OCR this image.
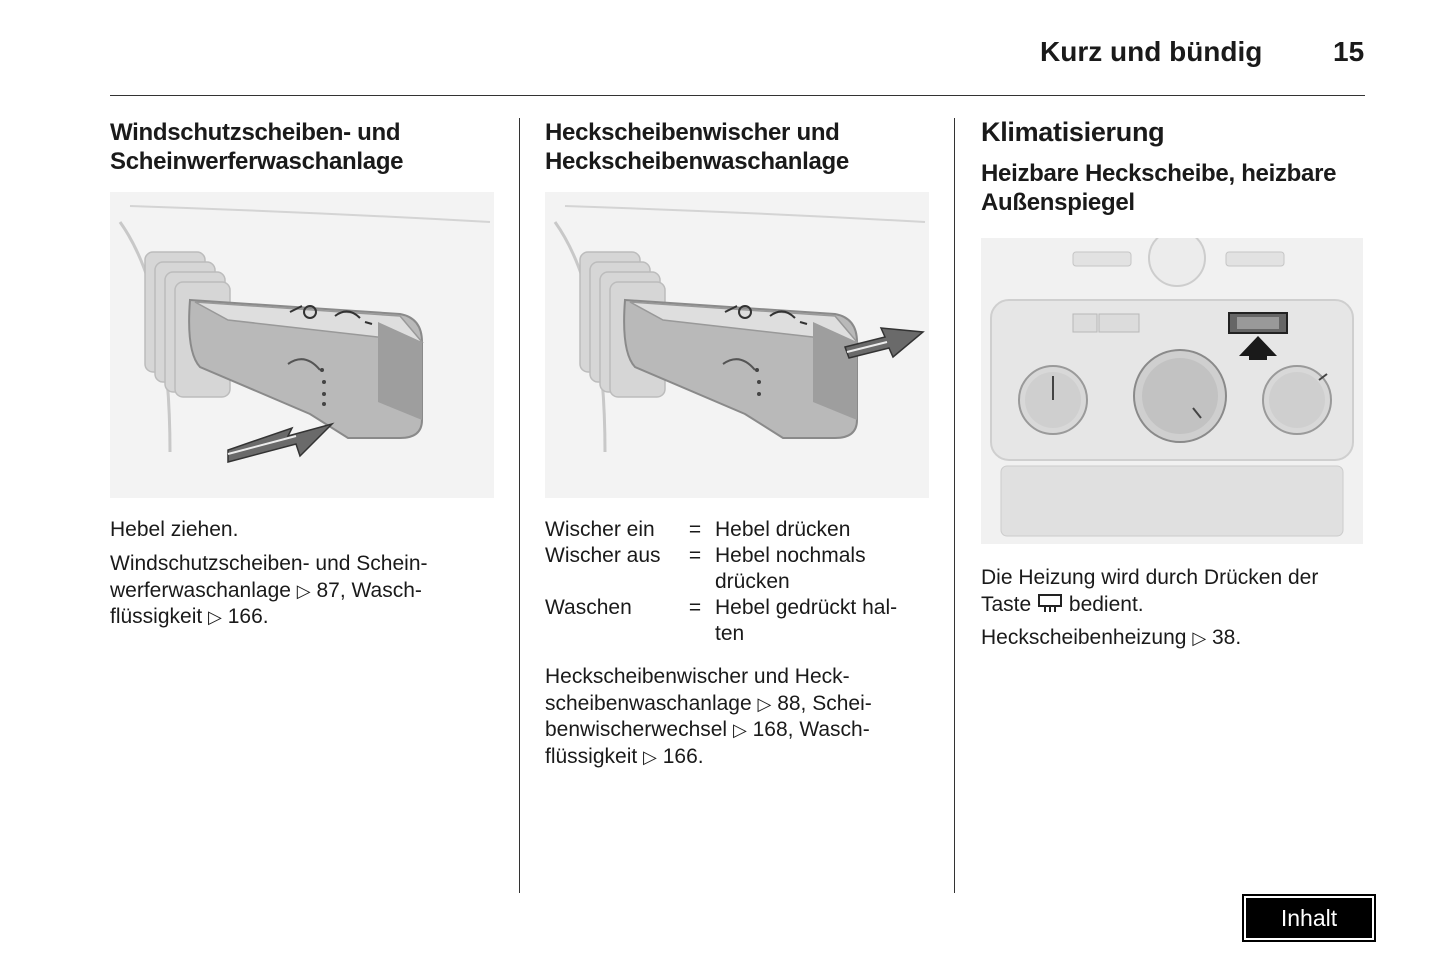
Kurz und bündig	15
Windschutzscheiben- und Scheinwerferwaschanlage

Hebel ziehen.

Windschutzscheiben- und Schein-

werferwaschanlage ▷ 87, Wasch-

flüssigkeit ▷ 166.

Heckscheibenwischer und Heckscheibenwaschanlage
Wischer ein	=	Hebel drücken
Wischer aus	=	Hebel nochmals drücken
Waschen	=	Hebel gedrückt hal-ten

Heckscheibenwischer und Heck-

scheibenwaschanlage ▷ 88, Schei-

benwischerwechsel ▷ 168, Wasch-

flüssigkeit ▷ 166.

Klimatisierung
Heizbare Heckscheibe, heizbare Außenspiegel

Die Heizung wird durch Drücken der

Taste bedient.

Heckscheibenheizung ▷ 38.

Inhalt
